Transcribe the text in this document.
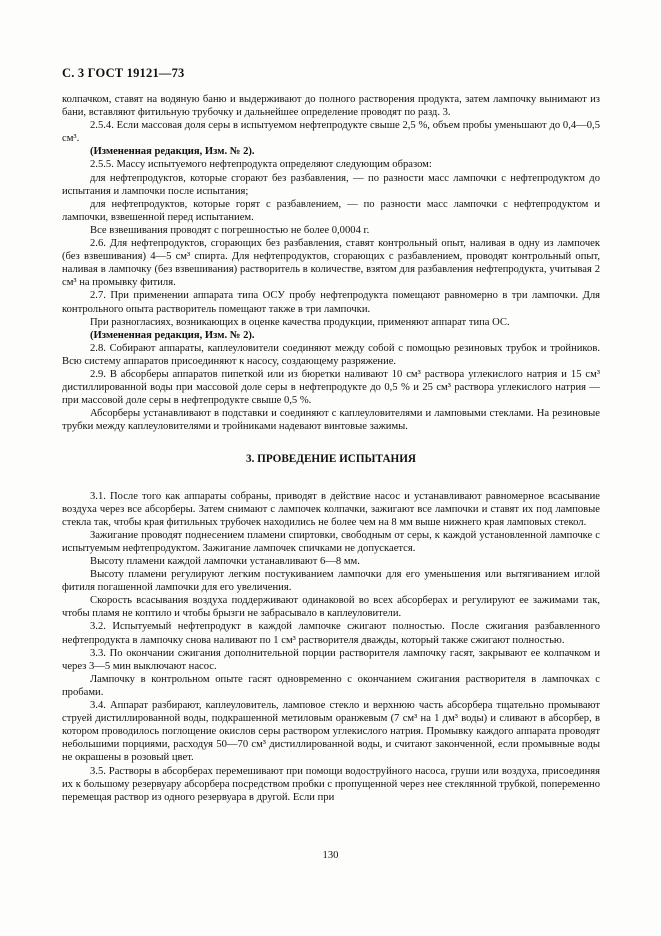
С. 3 ГОСТ 19121—73

колпачком, ставят на водяную баню и выдерживают до полного растворения продукта, затем лампочку вынимают из бани, вставляют фитильную трубочку и дальнейшее определение проводят по разд. 3.

2.5.4. Если массовая доля серы в испытуемом нефтепродукте свыше 2,5 %, объем пробы уменьшают до 0,4—0,5 см³.

(Измененная редакция, Изм. № 2).

2.5.5. Массу испытуемого нефтепродукта определяют следующим образом:

для нефтепродуктов, которые сгорают без разбавления, — по разности масс лампочки с нефтепродуктом до испытания и лампочки после испытания;

для нефтепродуктов, которые горят с разбавлением, — по разности масс лампочки с нефтепродуктом и лампочки, взвешенной перед испытанием.

Все взвешивания проводят с погрешностью не более 0,0004 г.

2.6. Для нефтепродуктов, сгорающих без разбавления, ставят контрольный опыт, наливая в одну из лампочек (без взвешивания) 4—5 см³ спирта. Для нефтепродуктов, сгорающих с разбавлением, проводят контрольный опыт, наливая в лампочку (без взвешивания) растворитель в количестве, взятом для разбавления нефтепродукта, учитывая 2 см³ на промывку фитиля.

2.7. При применении аппарата типа ОСУ пробу нефтепродукта помещают равномерно в три лампочки. Для контрольного опыта растворитель помещают также в три лампочки.

При разногласиях, возникающих в оценке качества продукции, применяют аппарат типа ОС.

(Измененная редакция, Изм. № 2).

2.8. Собирают аппараты, каплеуловители соединяют между собой с помощью резиновых трубок и тройников. Всю систему аппаратов присоединяют к насосу, создающему разряжение.

2.9. В абсорберы аппаратов пипеткой или из бюретки наливают 10 см³ раствора углекислого натрия и 15 см³ дистиллированной воды при массовой доле серы в нефтепродукте до 0,5 % и 25 см³ раствора углекислого натрия — при массовой доле серы в нефтепродукте свыше 0,5 %.

Абсорберы устанавливают в подставки и соединяют с каплеуловителями и ламповыми стеклами. На резиновые трубки между каплеуловителями и тройниками надевают винтовые зажимы.

3. ПРОВЕДЕНИЕ ИСПЫТАНИЯ

3.1. После того как аппараты собраны, приводят в действие насос и устанавливают равномерное всасывание воздуха через все абсорберы. Затем снимают с лампочек колпачки, зажигают все лампочки и ставят их под ламповые стекла так, чтобы края фитильных трубочек находились не более чем на 8 мм выше нижнего края ламповых стекол.

Зажигание проводят поднесением пламени спиртовки, свободным от серы, к каждой установленной лампочке с испытуемым нефтепродуктом. Зажигание лампочек спичками не допускается.

Высоту пламени каждой лампочки устанавливают 6—8 мм.

Высоту пламени регулируют легким постукиванием лампочки для его уменьшения или вытягиванием иглой фитиля погашенной лампочки для его увеличения.

Скорость всасывания воздуха поддерживают одинаковой во всех абсорберах и регулируют ее зажимами так, чтобы пламя не коптило и чтобы брызги не забрасывало в каплеуловители.

3.2. Испытуемый нефтепродукт в каждой лампочке сжигают полностью. После сжигания разбавленного нефтепродукта в лампочку снова наливают по 1 см³ растворителя дважды, который также сжигают полностью.

3.3. По окончании сжигания дополнительной порции растворителя лампочку гасят, закрывают ее колпачком и через 3—5 мин выключают насос.

Лампочку в контрольном опыте гасят одновременно с окончанием сжигания растворителя в лампочках с пробами.

3.4. Аппарат разбирают, каплеуловитель, ламповое стекло и верхнюю часть абсорбера тщательно промывают струей дистиллированной воды, подкрашенной метиловым оранжевым (7 см³ на 1 дм³ воды) и сливают в абсорбер, в котором проводилось поглощение окислов серы раствором углекислого натрия. Промывку каждого аппарата проводят небольшими порциями, расходуя 50—70 см³ дистиллированной воды, и считают законченной, если промывные воды не окрашены в розовый цвет.

3.5. Растворы в абсорберах перемешивают при помощи водоструйного насоса, груши или воздуха, присоединяя их к большому резервуару абсорбера посредством пробки с пропущенной через нее стеклянной трубкой, попеременно перемещая раствор из одного резервуара в другой. Если при

130
